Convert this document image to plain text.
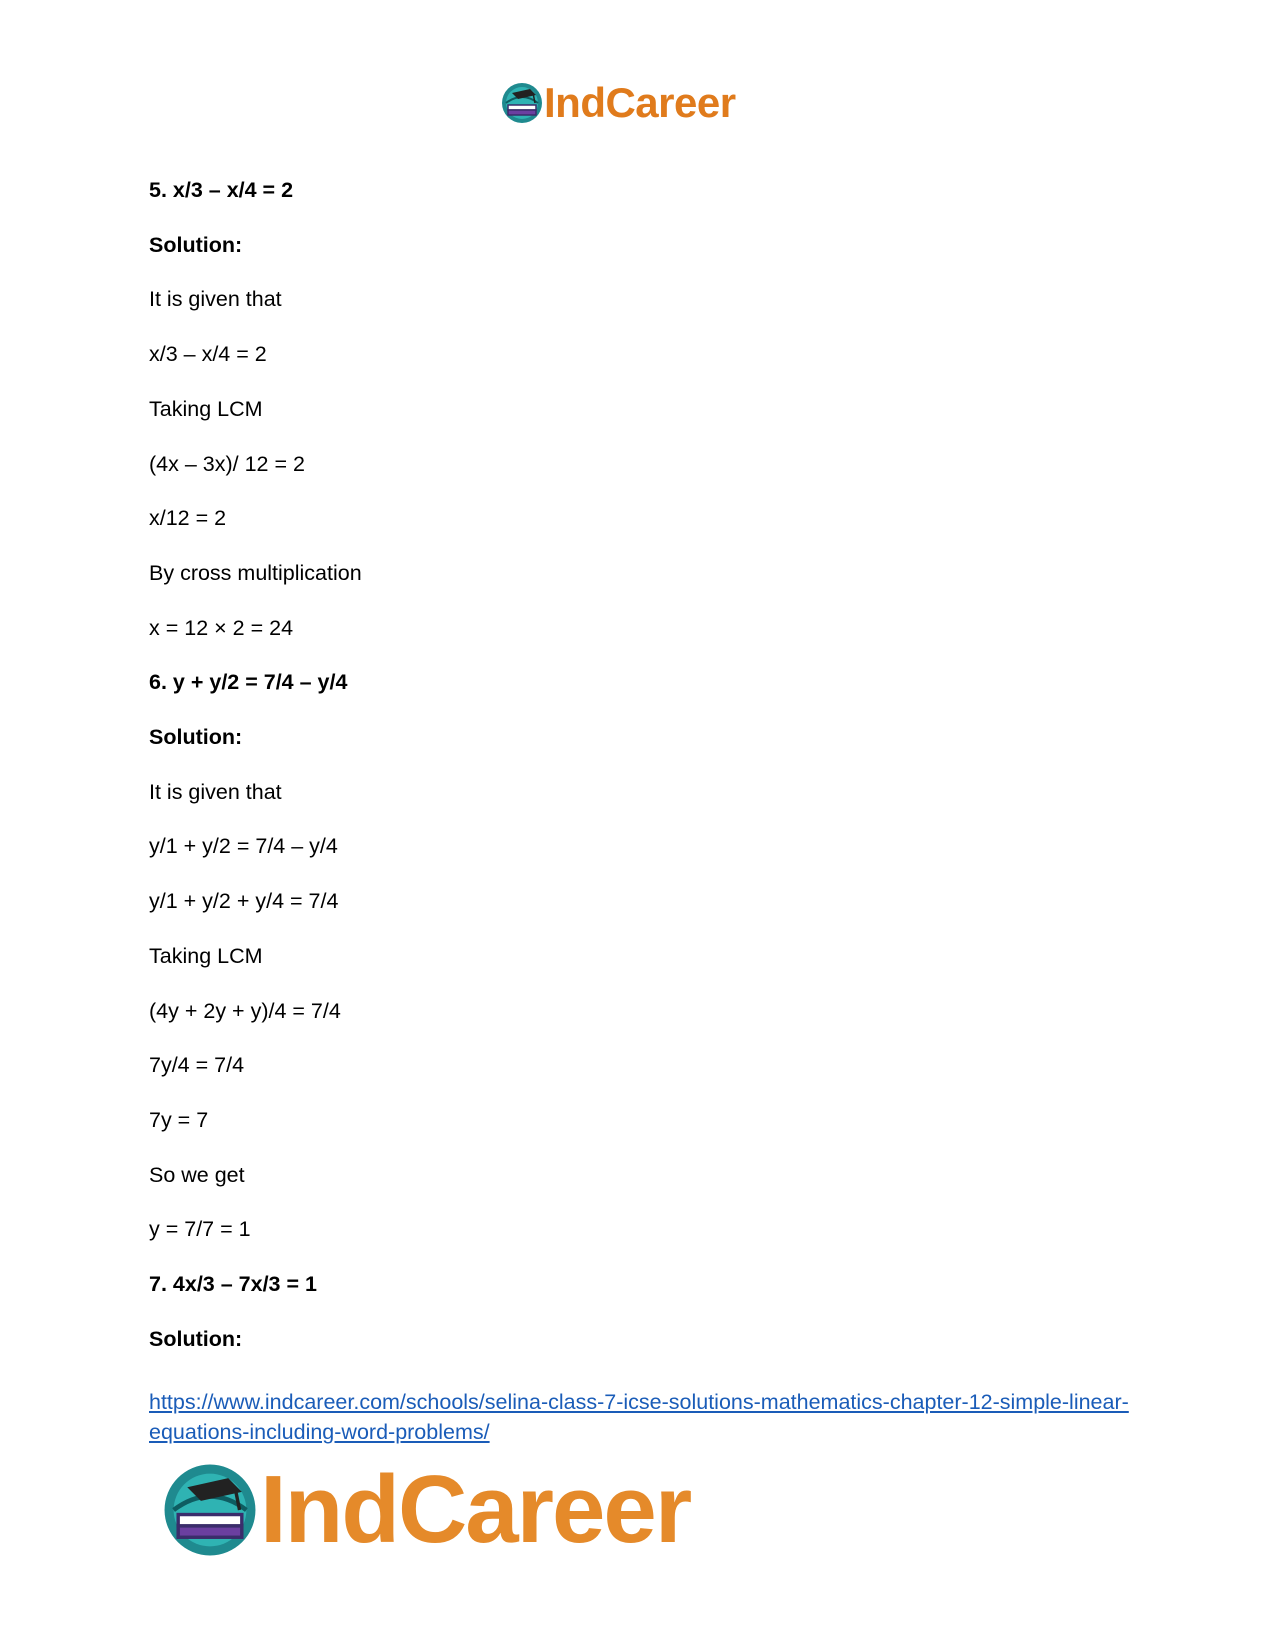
IndCareer
5. x/3 – x/4 = 2
Solution:
It is given that
x/3 – x/4 = 2
Taking LCM
(4x – 3x)/ 12 = 2
x/12 = 2
By cross multiplication
x = 12 × 2 = 24
6. y + y/2 = 7/4 – y/4
Solution:
It is given that
y/1 + y/2 = 7/4 – y/4
y/1 + y/2 + y/4 = 7/4
Taking LCM
(4y + 2y + y)/4 = 7/4
7y/4 = 7/4
7y = 7
So we get
y = 7/7 = 1
7. 4x/3 – 7x/3 = 1
Solution:
https://www.indcareer.com/schools/selina-class-7-icse-solutions-mathematics-chapter-12-simple-linear-equations-including-word-problems/
IndCareer
